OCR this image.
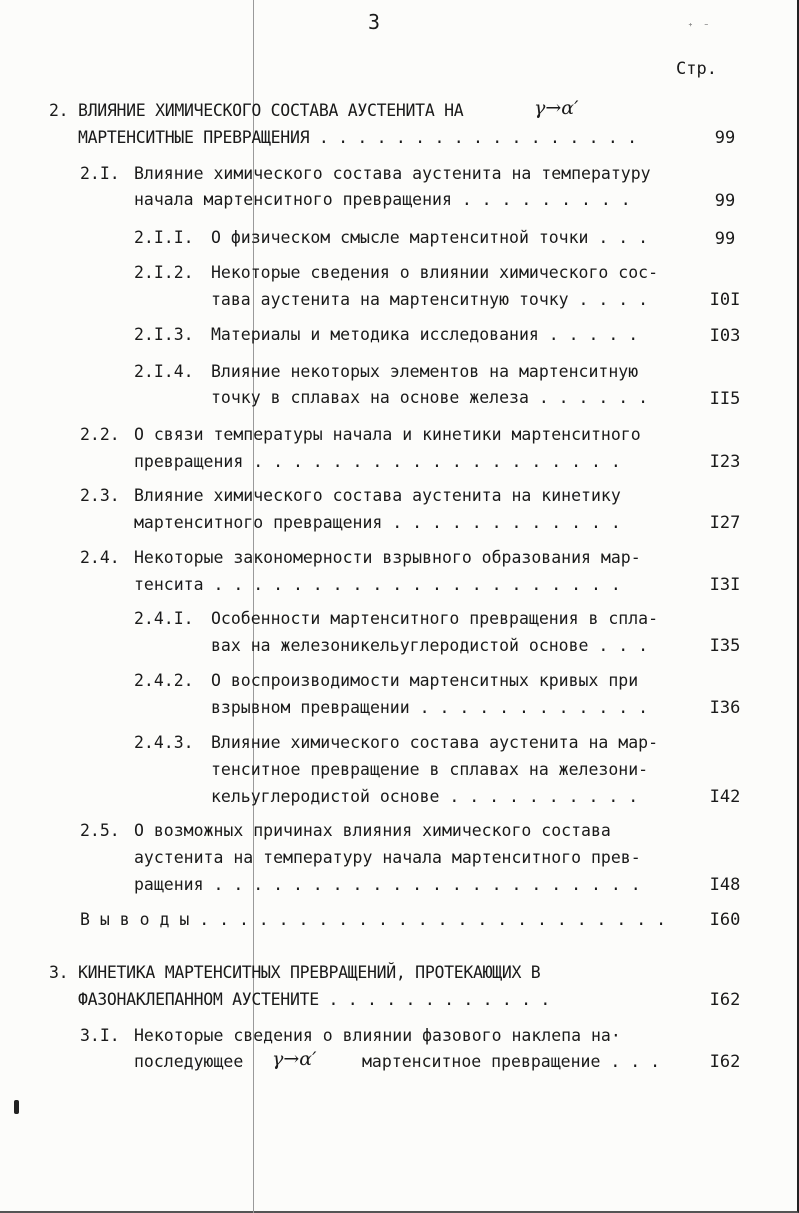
ᐩ ᐨ
3
Стр.
2. ВЛИЯНИЕ ХИМИЧЕСКОГО СОСТАВА АУСТЕНИТА НА	γ→α′
МАРТЕНСИТНЫЕ ПРЕВРАЩЕНИЯ . . . . . . . . . . . . . . . . .	99
2.I. Влияние химического состава аустенита на температуру
начала мартенситного превращения . . . . . . . . .	99
2.I.I. О физическом смысле мартенситной точки . . .	99
2.I.2. Некоторые сведения о влиянии химического сос-
тава аустенита на мартенситную точку . . . .	I0I
2.I.3. Материалы и методика исследования . . . . .	I03
2.I.4. Влияние некоторых элементов на мартенситную
точку в сплавах на основе железа . . . . . .	II5
2.2. О связи температуры начала и кинетики мартенситного
превращения . . . . . . . . . . . . . . . . . . .	I23
2.3. Влияние химического состава аустенита на кинетику
мартенситного превращения . . . . . . . . . . . .	I27
2.4. Некоторые закономерности взрывного образования мар-
тенсита . . . . . . . . . . . . . . . . . . . . .	I3I
2.4.I. Особенности мартенситного превращения в спла-
вах на железоникельуглеродистой основе . . .	I35
2.4.2. О воспроизводимости мартенситных кривых при
взрывном превращении . . . . . . . . . . . .	I36
2.4.3. Влияние химического состава аустенита на мар-
тенситное превращение в сплавах на железони-
кельуглеродистой основе . . . . . . . . . .	I42
2.5. О возможных причинах влияния химического состава
аустенита на температуру начала мартенситного прев-
ращения . . . . . . . . . . . . . . . . . . . . . .	I48
В ы в о д ы . . . . . . . . . . . . . . . . . . . . . . . .	I60
3. КИНЕТИКА МАРТЕНСИТНЫХ ПРЕВРАЩЕНИЙ, ПРОТЕКАЮЩИХ В
ФАЗОНАКЛЕПАННОМ АУСТЕНИТЕ . . . . . . . . . . . .	I62
3.I. Некоторые сведения о влиянии фазового наклепа на·
последующее γ→α′	мартенситное превращение . . .	I62
